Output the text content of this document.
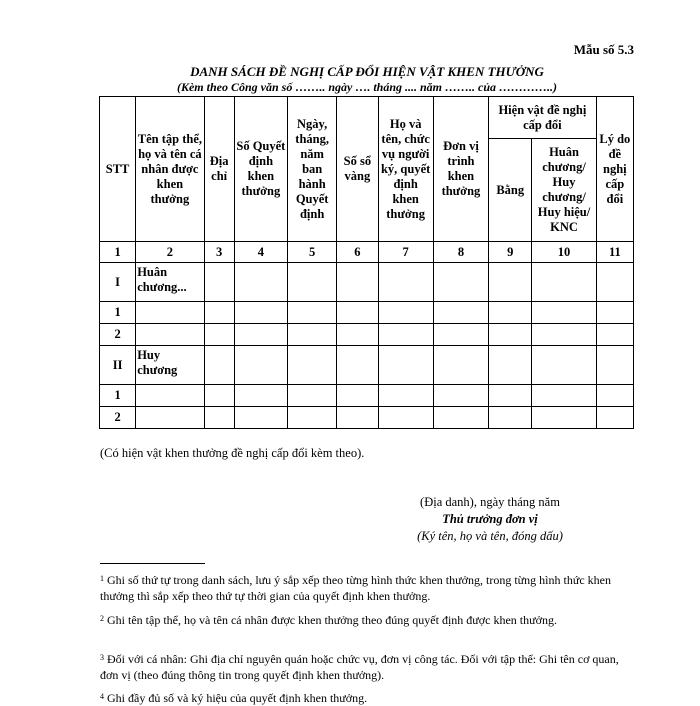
Mẫu số 5.3
DANH SÁCH ĐỀ NGHỊ CẤP ĐỔI HIỆN VẬT KHEN THƯỞNG
(Kèm theo Công văn số …….. ngày …. tháng .... năm …….. của …………..)
STT	Tên tập thể, họ và tên cá nhân được khen thưởng	Địa chỉ	Số Quyết định khen thưởng	Ngày, tháng, năm ban hành Quyết định	Số sổ vàng	Họ và tên, chức vụ người ký, quyết định khen thưởng	Đơn vị trình khen thưởng	Hiện vật đề nghị cấp đổi		Lý do đề nghị cấp đổi
								Bằng	Huân chương/ Huy chương/ Huy hiệu/ KNC	
1	2	3	4	5	6	7	8	9	10	11
I	Huân chương...									
1										
2										
II	Huy chương									
1										
2										
(Có hiện vật khen thưởng đề nghị cấp đổi kèm theo).
(Địa danh), ngày tháng năm
Thủ trưởng đơn vị
(Ký tên, họ và tên, đóng dấu)
$^1$ Ghi số thứ tự trong danh sách, lưu ý sắp xếp theo từng hình thức khen thưởng, trong từng hình thức khen thưởng thì sắp xếp theo thứ tự thời gian của quyết định khen thưởng.
$^2$ Ghi tên tập thể, họ và tên cá nhân được khen thưởng theo đúng quyết định được khen thưởng.
$^3$ Đối với cá nhân: Ghi địa chỉ nguyên quán hoặc chức vụ, đơn vị công tác. Đối với tập thể: Ghi tên cơ quan, đơn vị (theo đúng thông tin trong quyết định khen thưởng).
$^4$ Ghi đầy đủ số và ký hiệu của quyết định khen thưởng.
